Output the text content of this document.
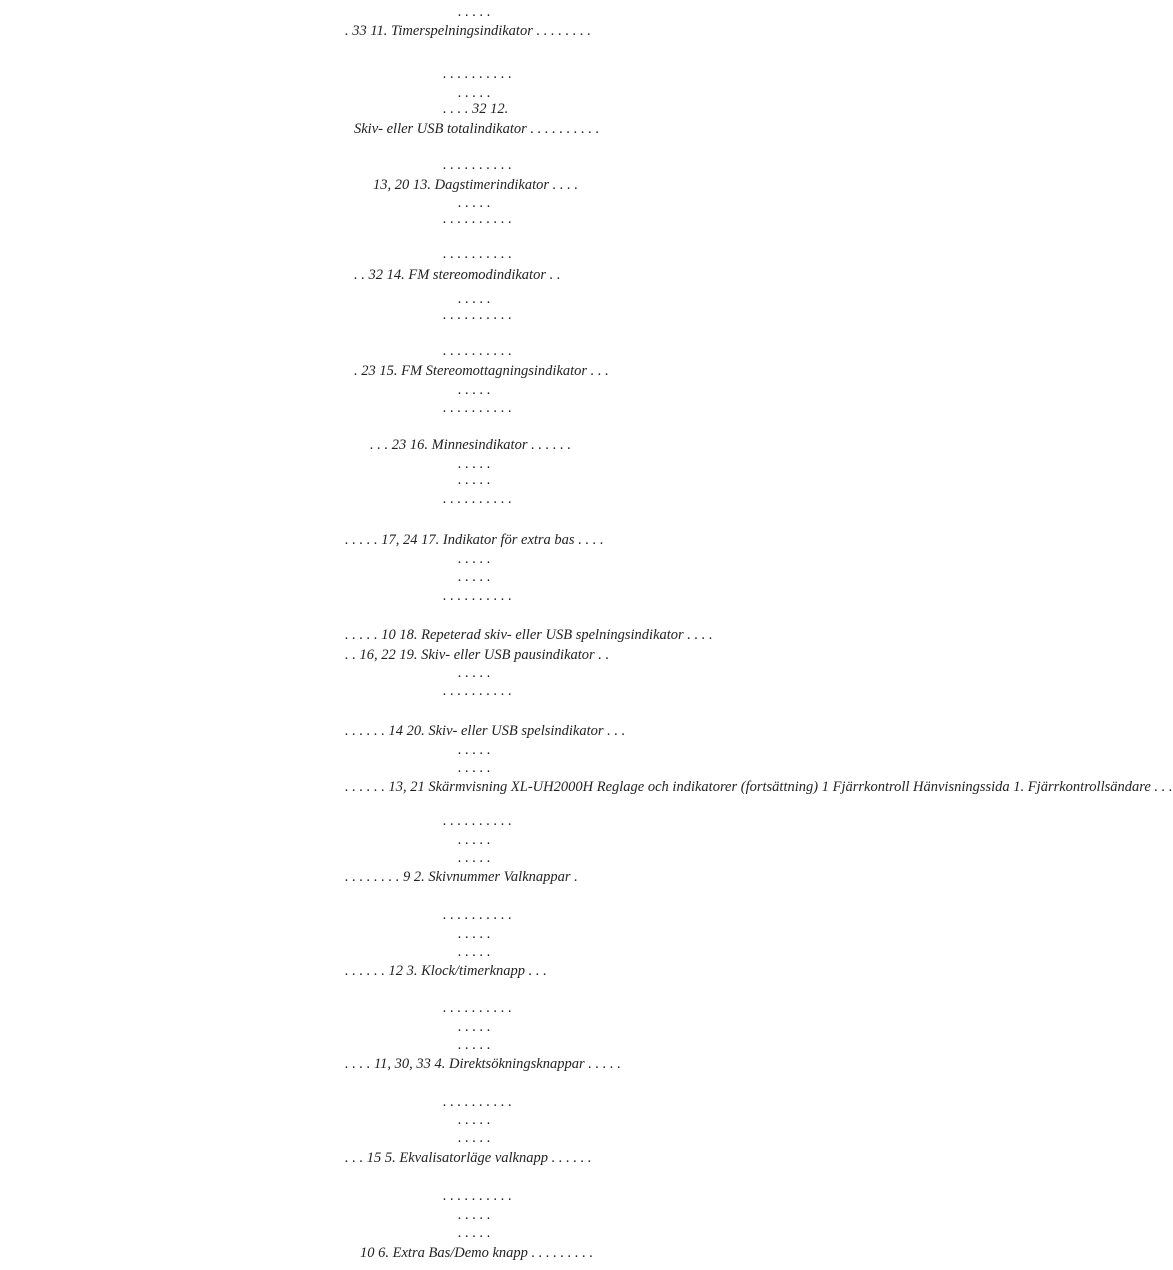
. . . . .
. 33 11. Timerspelningsindikator . . . . . . . .
. . . . . . . . . .
. . . . .
. . . . 32 12.
Skiv- eller USB totalindikator . . . . . . . . . .
. . . . . . . . . .
13, 20 13. Dagstimerindikator . . . .
. . . . .
. . . . . . . . . .
. . . . . . . . . .
. . 32 14. FM stereomodindikator . .
. . . . .
. . . . . . . . . .
. . . . . . . . . .
. 23 15. FM Stereomottagningsindikator . . .
. . . . .
. . . . . . . . . .
. . . 23 16. Minnesindikator . . . . . .
. . . . .
. . . . .
. . . . . . . . . .
. . . . . 17, 24 17. Indikator för extra bas . . . .
. . . . .
. . . . .
. . . . . . . . . .
. . . . . 10 18. Repeterad skiv- eller USB spelningsindikator . . . .
. . 16, 22 19. Skiv- eller USB pausindikator . .
. . . . .
. . . . . . . . . .
. . . . . . 14 20. Skiv- eller USB spelsindikator . . .
. . . . .
. . . . .
. . . . . . 13, 21 Skärmvisning XL-UH2000H Reglage och indikatorer (fortsättning) 1 Fjärrkontroll Hänvisningssida 1. Fjärrkontrollsändare . . .
. . . . . . . . . .
. . . . .
. . . . .
. . . . . . . . 9 2. Skivnummer Valknappar .
. . . . . . . . . .
. . . . .
. . . . .
. . . . . . 12 3. Klock/timerknapp . . .
. . . . . . . . . .
. . . . .
. . . . .
. . . . 11, 30, 33 4. Direktsökningsknappar . . . . .
. . . . . . . . . .
. . . . .
. . . . .
. . . 15 5. Ekvalisatorläge valknapp . . . . . .
. . . . . . . . . .
. . . . .
. . . . .
10 6. Extra Bas/Demo knapp . . . . . . . . .
